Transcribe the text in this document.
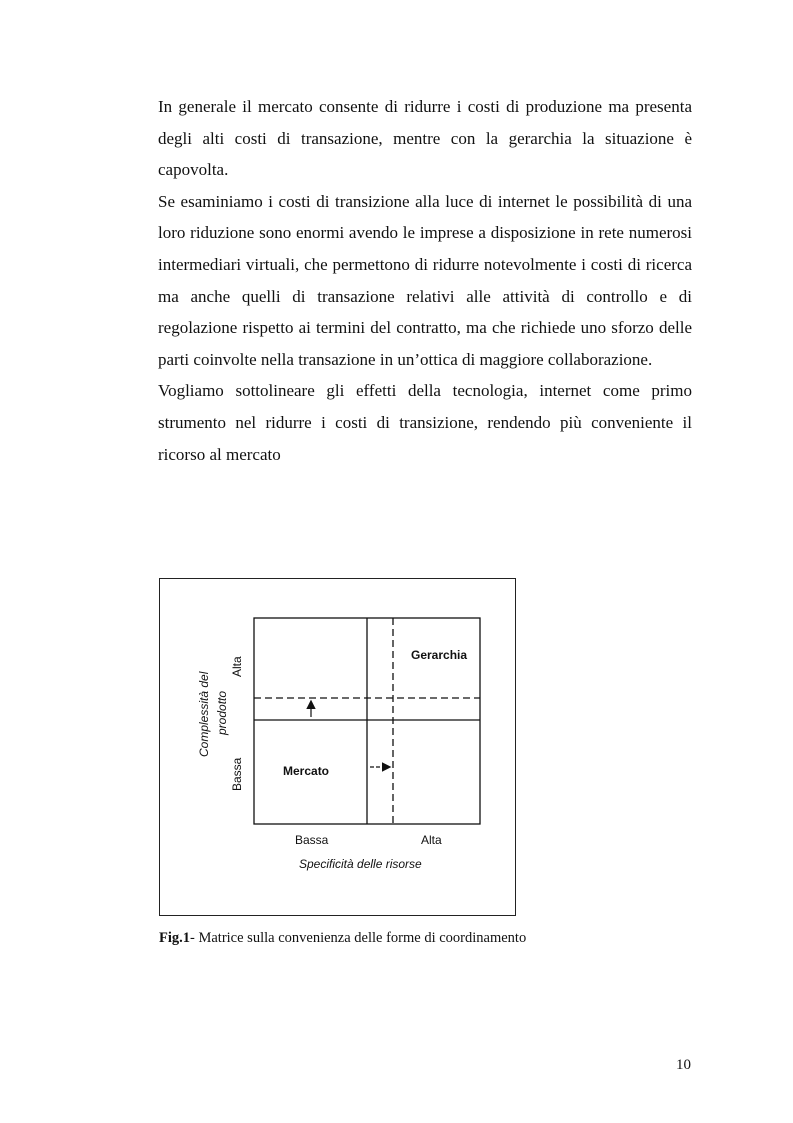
In generale il mercato consente di ridurre i costi di produzione ma presenta degli alti costi di transazione, mentre con la gerarchia la situazione è capovolta.

Se esaminiamo i costi di transizione alla luce di internet le possibilità di una loro riduzione sono enormi avendo le imprese a disposizione in rete numerosi intermediari virtuali, che permettono di ridurre notevolmente i costi di ricerca ma anche quelli di transazione relativi alle attività di controllo e di regolazione rispetto ai termini del contratto, ma che richiede uno sforzo delle parti coinvolte nella transazione in un’ottica di maggiore collaborazione.

Vogliamo sottolineare gli effetti della tecnologia, internet come primo strumento nel ridurre i costi di transizione, rendendo più conveniente il ricorso al mercato

Gerarchia
Mercato
Bassa	Alta
Specificità delle risorse
Alta
Bassa
Complessità del prodotto
Fig.1- Matrice sulla convenienza delle forme di coordinamento
10
